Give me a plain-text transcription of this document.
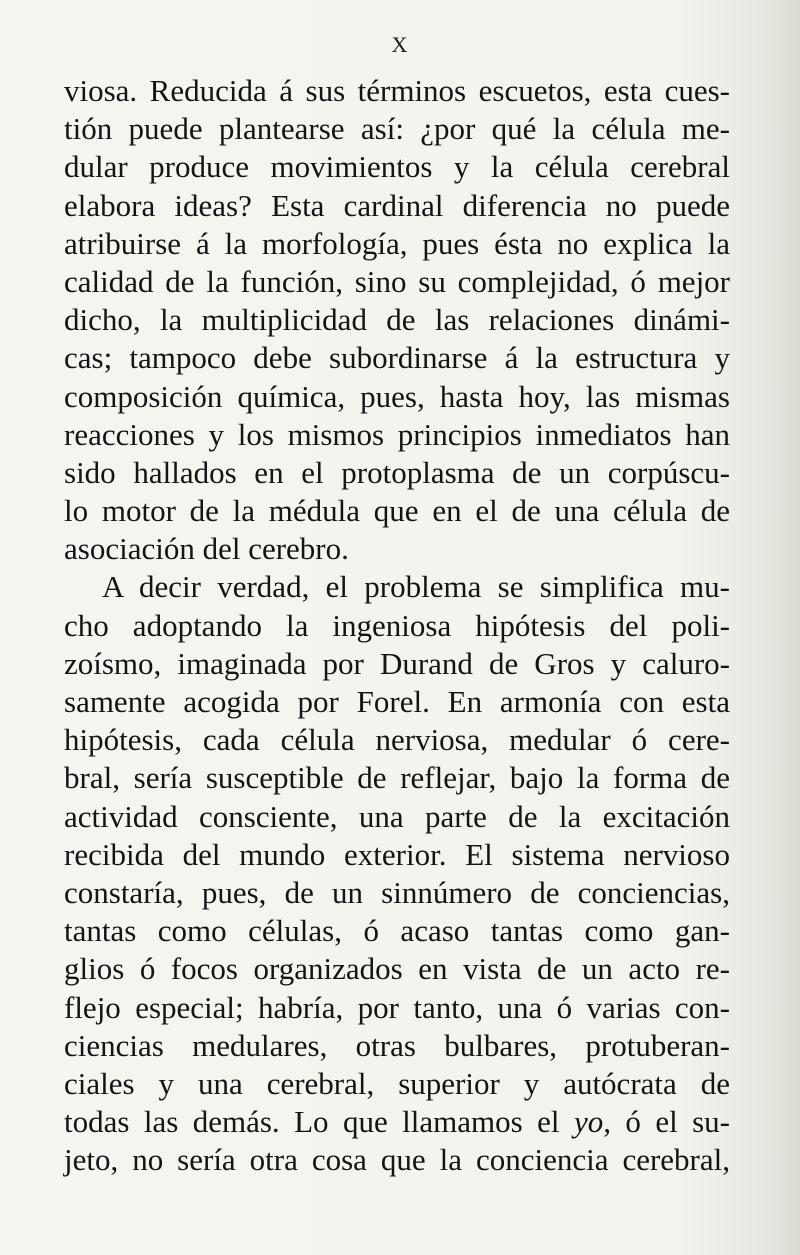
X
viosa. Reducida á sus términos escuetos, esta cues-
tión puede plantearse así: ¿por qué la célula me-
dular produce movimientos y la célula cerebral
elabora ideas? Esta cardinal diferencia no puede
atribuirse á la morfología, pues ésta no explica la
calidad de la función, sino su complejidad, ó mejor
dicho, la multiplicidad de las relaciones dinámi-
cas; tampoco debe subordinarse á la estructura y
composición química, pues, hasta hoy, las mismas
reacciones y los mismos principios inmediatos han
sido hallados en el protoplasma de un corpúscu-
lo motor de la médula que en el de una célula de
asociación del cerebro.
A decir verdad, el problema se simplifica mu-
cho adoptando la ingeniosa hipótesis del poli-
zoísmo, imaginada por Durand de Gros y caluro-
samente acogida por Forel. En armonía con esta
hipótesis, cada célula nerviosa, medular ó cere-
bral, sería susceptible de reflejar, bajo la forma de
actividad consciente, una parte de la excitación
recibida del mundo exterior. El sistema nervioso
constaría, pues, de un sinnúmero de conciencias,
tantas como células, ó acaso tantas como gan-
glios ó focos organizados en vista de un acto re-
flejo especial; habría, por tanto, una ó varias con-
ciencias medulares, otras bulbares, protuberan-
ciales y una cerebral, superior y autócrata de
todas las demás. Lo que llamamos el yo, ó el su-
jeto, no sería otra cosa que la conciencia cerebral,
